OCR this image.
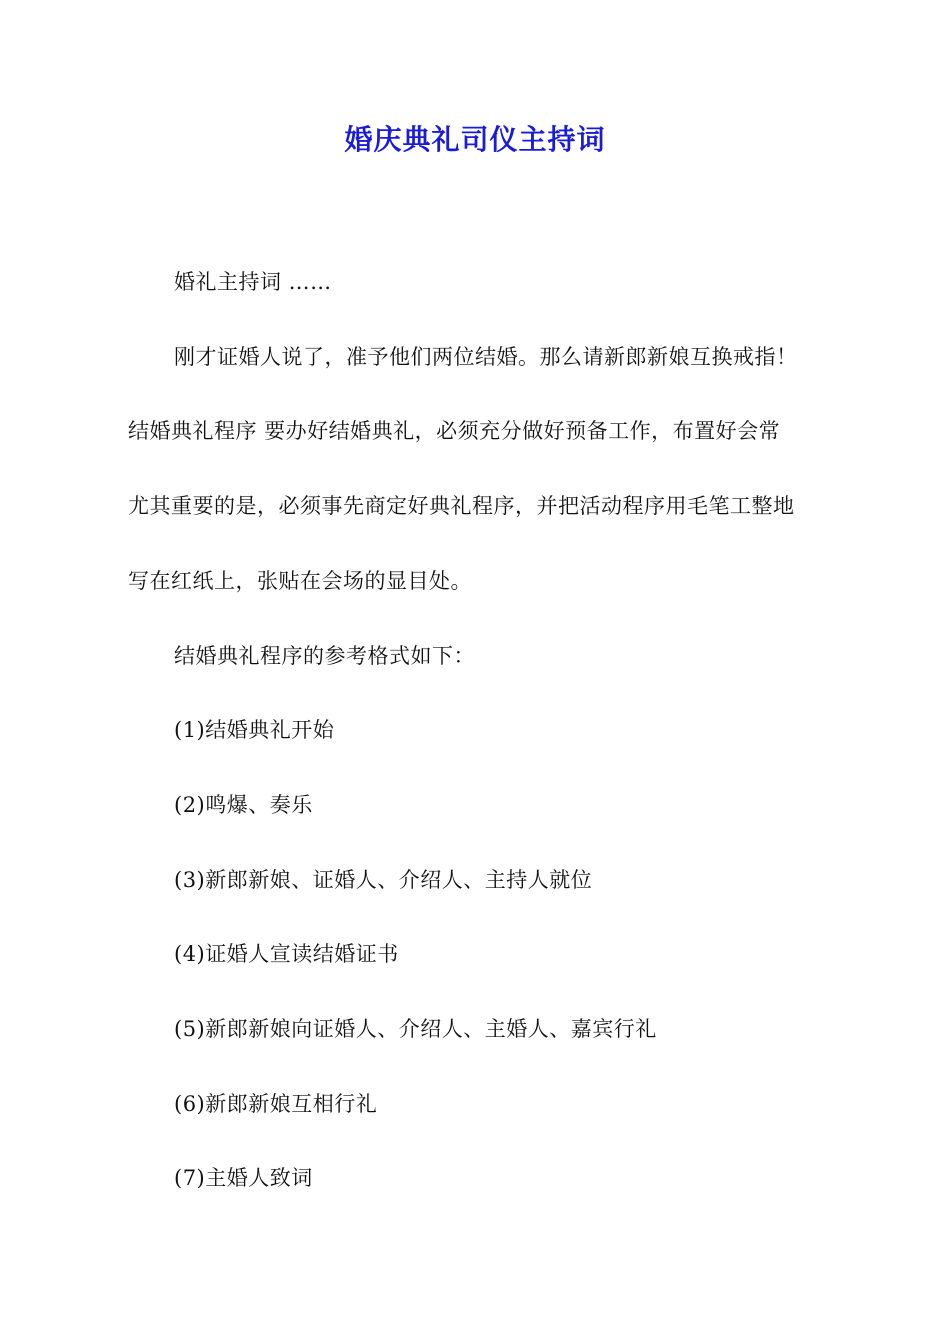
婚庆典礼司仪主持词
婚礼主持词 ……
刚才证婚人说了，准予他们两位结婚。那么请新郎新娘互换戒指！
结婚典礼程序 要办好结婚典礼，必须充分做好预备工作，布置好会常
尤其重要的是，必须事先商定好典礼程序，并把活动程序用毛笔工整地
写在红纸上，张贴在会场的显目处。
结婚典礼程序的参考格式如下：
(1)结婚典礼开始
(2)鸣爆、奏乐
(3)新郎新娘、证婚人、介绍人、主持人就位
(4)证婚人宣读结婚证书
(5)新郎新娘向证婚人、介绍人、主婚人、嘉宾行礼
(6)新郎新娘互相行礼
(7)主婚人致词
